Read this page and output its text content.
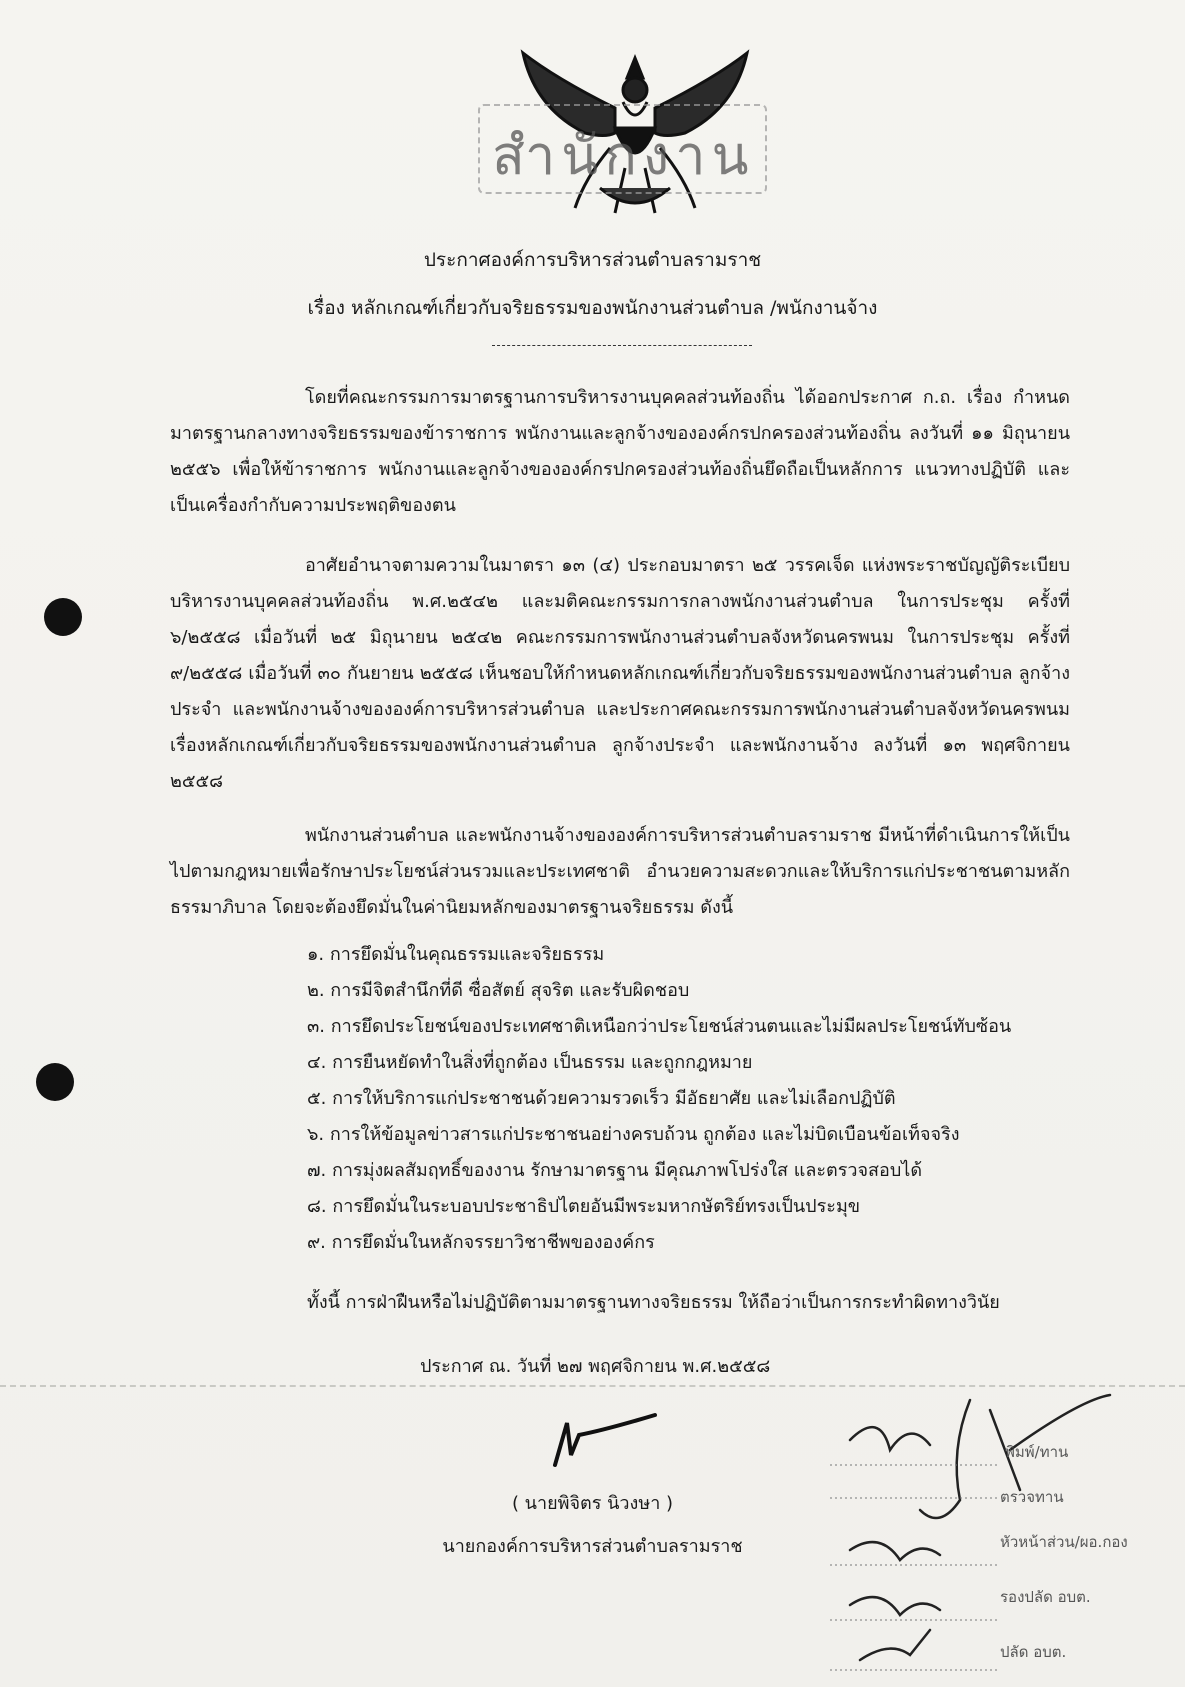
สำนักงาน
ประกาศองค์การบริหารส่วนตำบลรามราช
เรื่อง หลักเกณฑ์เกี่ยวกับจริยธรรมของพนักงานส่วนตำบล /พนักงานจ้าง

โดยที่คณะกรรมการมาตรฐานการบริหารงานบุคคลส่วนท้องถิ่น ได้ออกประกาศ ก.ถ. เรื่อง กำหนดมาตรฐานกลางทางจริยธรรมของข้าราชการ พนักงานและลูกจ้างขององค์กรปกครองส่วนท้องถิ่น ลงวันที่ ๑๑ มิถุนายน ๒๕๕๖ เพื่อให้ข้าราชการ พนักงานและลูกจ้างขององค์กรปกครองส่วนท้องถิ่นยึดถือเป็นหลักการ แนวทางปฏิบัติ และเป็นเครื่องกำกับความประพฤติของตน

อาศัยอำนาจตามความในมาตรา ๑๓ (๔) ประกอบมาตรา ๒๕ วรรคเจ็ด แห่งพระราชบัญญัติระเบียบบริหารงานบุคคลส่วนท้องถิ่น พ.ศ.๒๕๔๒ และมติคณะกรรมการกลางพนักงานส่วนตำบล ในการประชุม ครั้งที่ ๖/๒๕๕๘ เมื่อวันที่ ๒๕ มิถุนายน ๒๕๔๒ คณะกรรมการพนักงานส่วนตำบลจังหวัดนครพนม ในการประชุม ครั้งที่ ๙/๒๕๕๘ เมื่อวันที่ ๓๐ กันยายน ๒๕๕๘ เห็นชอบให้กำหนดหลักเกณฑ์เกี่ยวกับจริยธรรมของพนักงานส่วนตำบล ลูกจ้างประจำ และพนักงานจ้างขององค์การบริหารส่วนตำบล และประกาศคณะกรรมการพนักงานส่วนตำบลจังหวัดนครพนม เรื่องหลักเกณฑ์เกี่ยวกับจริยธรรมของพนักงานส่วนตำบล ลูกจ้างประจำ และพนักงานจ้าง ลงวันที่ ๑๓ พฤศจิกายน ๒๕๕๘

พนักงานส่วนตำบล และพนักงานจ้างขององค์การบริหารส่วนตำบลรามราช มีหน้าที่ดำเนินการให้เป็นไปตามกฎหมายเพื่อรักษาประโยชน์ส่วนรวมและประเทศชาติ อำนวยความสะดวกและให้บริการแก่ประชาชนตามหลักธรรมาภิบาล โดยจะต้องยึดมั่นในค่านิยมหลักของมาตรฐานจริยธรรม ดังนี้

๑. การยึดมั่นในคุณธรรมและจริยธรรม
๒. การมีจิตสำนึกที่ดี ซื่อสัตย์ สุจริต และรับผิดชอบ
๓. การยึดประโยชน์ของประเทศชาติเหนือกว่าประโยชน์ส่วนตนและไม่มีผลประโยชน์ทับซ้อน
๔. การยืนหยัดทำในสิ่งที่ถูกต้อง เป็นธรรม และถูกกฎหมาย
๕. การให้บริการแก่ประชาชนด้วยความรวดเร็ว มีอัธยาศัย และไม่เลือกปฏิบัติ
๖. การให้ข้อมูลข่าวสารแก่ประชาชนอย่างครบถ้วน ถูกต้อง และไม่บิดเบือนข้อเท็จจริง
๗. การมุ่งผลสัมฤทธิ์ของงาน รักษามาตรฐาน มีคุณภาพโปร่งใส และตรวจสอบได้
๘. การยึดมั่นในระบอบประชาธิปไตยอันมีพระมหากษัตริย์ทรงเป็นประมุข
๙. การยึดมั่นในหลักจรรยาวิชาชีพขององค์กร
ทั้งนี้ การฝ่าฝืนหรือไม่ปฏิบัติตามมาตรฐานทางจริยธรรม ให้ถือว่าเป็นการกระทำผิดทางวินัย
ประกาศ ณ. วันที่ ๒๗ พฤศจิกายน พ.ศ.๒๕๕๘
( นายพิจิตร นิวงษา )
นายกองค์การบริหารส่วนตำบลรามราช
พิมพ์/ทาน
ตรวจทาน
หัวหน้าส่วน/ผอ.กอง
รองปลัด อบต.
ปลัด อบต.
